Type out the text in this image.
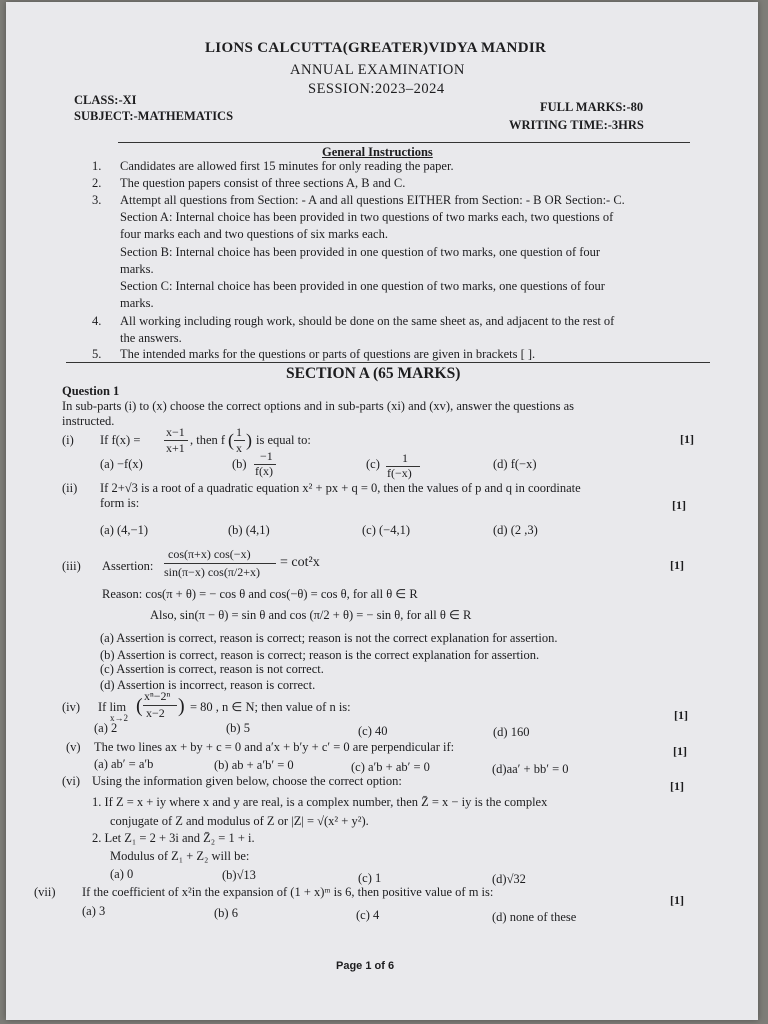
LIONS CALCUTTA(GREATER)VIDYA MANDIR
ANNUAL EXAMINATION
SESSION:2023–2024
CLASS:-XI
SUBJECT:-MATHEMATICS
FULL MARKS:-80
WRITING TIME:-3HRS
General Instructions
1. Candidates are allowed first 15 minutes for only reading the paper.
2. The question papers consist of three sections A, B and C.
3. Attempt all questions from Section: - A and all questions EITHER from Section: - B OR Section:- C.
Section A: Internal choice has been provided in two questions of two marks each, two questions of
four marks each and two questions of six marks each.
Section B: Internal choice has been provided in one question of two marks, one question of four
marks.
Section C: Internal choice has been provided in one question of two marks, one questions of four
marks.
4. All working including rough work, should be done on the same sheet as, and adjacent to the rest of
the answers.
5. The intended marks for the questions or parts of questions are given in brackets [ ].
SECTION A (65 MARKS)
Question 1
In sub-parts (i) to (x) choose the correct options and in sub-parts (xi) and (xv), answer the questions as
instructed.
(i) If f(x) =
x−1
x+1
, then f ( 1
x ) is equal to:	[1]
(a) −f(x)	(b)
−1
f(x)	(c) 1
f(−x)
(d) f(−x)
(ii) If 2+√3 is a root of a quadratic equation x² + px + q = 0, then the values of p and q in coordinate
form is:	[1]
(a) (4,−1)	(b) (4,1)	(c) (−4,1)	(d) (2 ,3)
(iii) Assertion:
cos(π+x) cos(−x)
sin(π−x) cos(π/2+x)
= cot²x	[1]
Reason: cos(π + θ) = − cos θ and cos(−θ) = cos θ, for all θ ∈ R
Also, sin(π − θ) = sin θ and cos (π/2 + θ) = − sin θ, for all θ ∈ R
(a) Assertion is correct, reason is correct; reason is not the correct explanation for assertion.
(b) Assertion is correct, reason is correct; reason is the correct explanation for assertion.
(c) Assertion is correct, reason is not correct.
(d) Assertion is incorrect, reason is correct.
(iv) If lim
x→2
( xⁿ−2ⁿ
x−2 ) = 80 , n ∈ N; then value of n is:
[1]
(a) 2	(b) 5	(c) 40	(d) 160
(v) The two lines ax + by + c = 0 and a′x + b′y + c′ = 0 are perpendicular if:	[1]
(a) ab′ = a′b	(b) ab + a′b′ = 0	(c) a′b + ab′ = 0	(d)aa′ + bb′ = 0
(vi) Using the information given below, choose the correct option:	[1]
1. If Z = x + iy where x and y are real, is a complex number, then Z̄ = x − iy is the complex
conjugate of Z and modulus of Z or |Z| = √(x² + y²).
2. Let Z₁ = 2 + 3i and Z̄₂ = 1 + i.
Modulus of Z₁ + Z₂ will be:
(a) 0	(b)√13	(c) 1	(d)√32
(vii) If the coefficient of x²in the expansion of (1 + x)ᵐ is 6, then positive value of m is:
[1]
(a) 3	(b) 6	(c) 4	(d) none of these
Page 1 of 6
